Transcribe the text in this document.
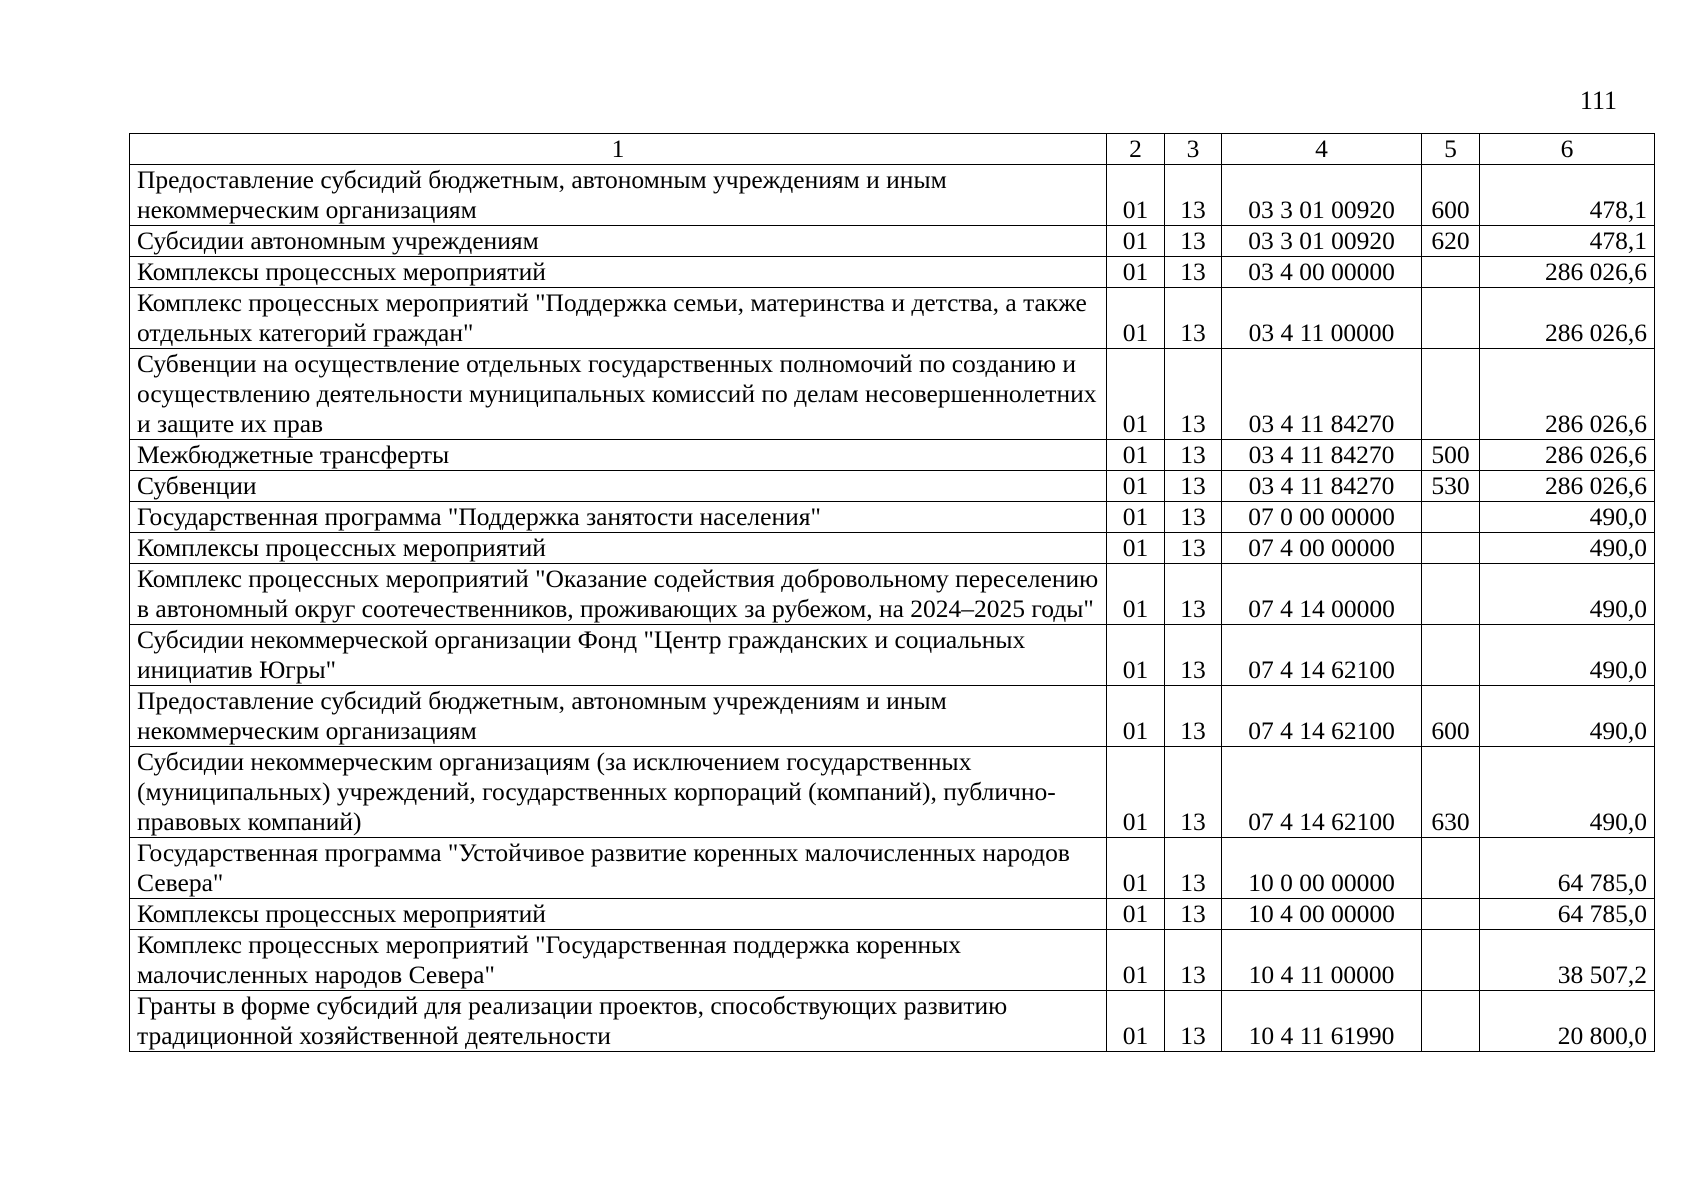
111
1	2	3	4	5	6
Предоставление субсидий бюджетным, автономным учреждениям и иным некоммерческим организациям	01	13	03 3 01 00920	600	478,1
Субсидии автономным учреждениям	01	13	03 3 01 00920	620	478,1
Комплексы процессных мероприятий	01	13	03 4 00 00000		286 026,6
Комплекс процессных мероприятий "Поддержка семьи, материнства и детства, а также отдельных категорий граждан"	01	13	03 4 11 00000		286 026,6
Субвенции на осуществление отдельных государственных полномочий по созданию и осуществлению деятельности муниципальных комиссий по делам несовершеннолетних и защите их прав	01	13	03 4 11 84270		286 026,6
Межбюджетные трансферты	01	13	03 4 11 84270	500	286 026,6
Субвенции	01	13	03 4 11 84270	530	286 026,6
Государственная программа "Поддержка занятости населения"	01	13	07 0 00 00000		490,0
Комплексы процессных мероприятий	01	13	07 4 00 00000		490,0
Комплекс процессных мероприятий "Оказание содействия добровольному переселению в автономный округ соотечественников, проживающих за рубежом, на 2024–2025 годы"	01	13	07 4 14 00000		490,0
Субсидии некоммерческой организации Фонд "Центр гражданских и социальных инициатив Югры"	01	13	07 4 14 62100		490,0
Предоставление субсидий бюджетным, автономным учреждениям и иным некоммерческим организациям	01	13	07 4 14 62100	600	490,0
Субсидии некоммерческим организациям (за исключением государственных (муниципальных) учреждений, государственных корпораций (компаний), публично-правовых компаний)	01	13	07 4 14 62100	630	490,0
Государственная программа "Устойчивое развитие коренных малочисленных народов Севера"	01	13	10 0 00 00000		64 785,0
Комплексы процессных мероприятий	01	13	10 4 00 00000		64 785,0
Комплекс процессных мероприятий "Государственная поддержка коренных малочисленных народов Севера"	01	13	10 4 11 00000		38 507,2
Гранты в форме субсидий для реализации проектов, способствующих развитию традиционной хозяйственной деятельности	01	13	10 4 11 61990		20 800,0
